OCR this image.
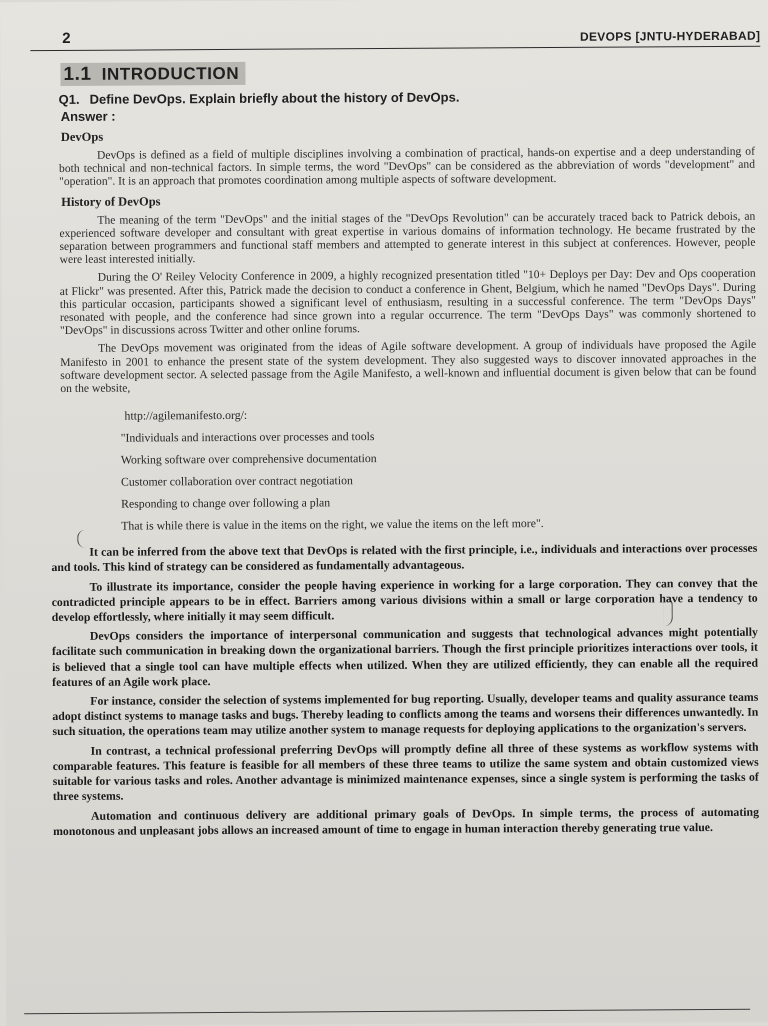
2	DEVOPS [JNTU-HYDERABAD]
1.1 INTRODUCTION
Q1. Define DevOps. Explain briefly about the history of DevOps.
Answer :
DevOps

DevOps is defined as a field of multiple disciplines involving a combination of practical, hands-on expertise and a deep understanding of both technical and non-technical factors. In simple terms, the word "DevOps" can be considered as the abbreviation of words "development" and "operation". It is an approach that promotes coordination among multiple aspects of software development.

History of DevOps

The meaning of the term "DevOps" and the initial stages of the "DevOps Revolution" can be accurately traced back to Patrick debois, an experienced software developer and consultant with great expertise in various domains of information technology. He became frustrated by the separation between programmers and functional staff members and attempted to generate interest in this subject at conferences. However, people were least interested initially.

During the O' Reiley Velocity Conference in 2009, a highly recognized presentation titled "10+ Deploys per Day: Dev and Ops cooperation at Flickr" was presented. After this, Patrick made the decision to conduct a conference in Ghent, Belgium, which he named "DevOps Days". During this particular occasion, participants showed a significant level of enthusiasm, resulting in a successful conference. The term "DevOps Days" resonated with people, and the conference had since grown into a regular occurrence. The term "DevOps Days" was commonly shortened to "DevOps" in discussions across Twitter and other online forums.

The DevOps movement was originated from the ideas of Agile software development. A group of individuals have proposed the Agile Manifesto in 2001 to enhance the present state of the system development. They also suggested ways to discover innovated approaches in the software development sector. A selected passage from the Agile Manifesto, a well-known and influential document is given below that can be found on the website,

http://agilemanifesto.org/:
"Individuals and interactions over processes and tools
Working software over comprehensive documentation
Customer collaboration over contract negotiation
Responding to change over following a plan
That is while there is value in the items on the right, we value the items on the left more".

It can be inferred from the above text that DevOps is related with the first principle, i.e., individuals and interactions over processes and tools. This kind of strategy can be considered as fundamentally advantageous.

To illustrate its importance, consider the people having experience in working for a large corporation. They can convey that the contradicted principle appears to be in effect. Barriers among various divisions within a small or large corporation have a tendency to develop effortlessly, where initially it may seem difficult.

DevOps considers the importance of interpersonal communication and suggests that technological advances might potentially facilitate such communication in breaking down the organizational barriers. Though the first principle prioritizes interactions over tools, it is believed that a single tool can have multiple effects when utilized. When they are utilized efficiently, they can enable all the required features of an Agile work place.

For instance, consider the selection of systems implemented for bug reporting. Usually, developer teams and quality assurance teams adopt distinct systems to manage tasks and bugs. Thereby leading to conflicts among the teams and worsens their differences unwantedly. In such situation, the operations team may utilize another system to manage requests for deploying applications to the organization's servers.

In contrast, a technical professional preferring DevOps will promptly define all three of these systems as workflow systems with comparable features. This feature is feasible for all members of these three teams to utilize the same system and obtain customized views suitable for various tasks and roles. Another advantage is minimized maintenance expenses, since a single system is performing the tasks of three systems.

Automation and continuous delivery are additional primary goals of DevOps. In simple terms, the process of automating monotonous and unpleasant jobs allows an increased amount of time to engage in human interaction thereby generating true value.
